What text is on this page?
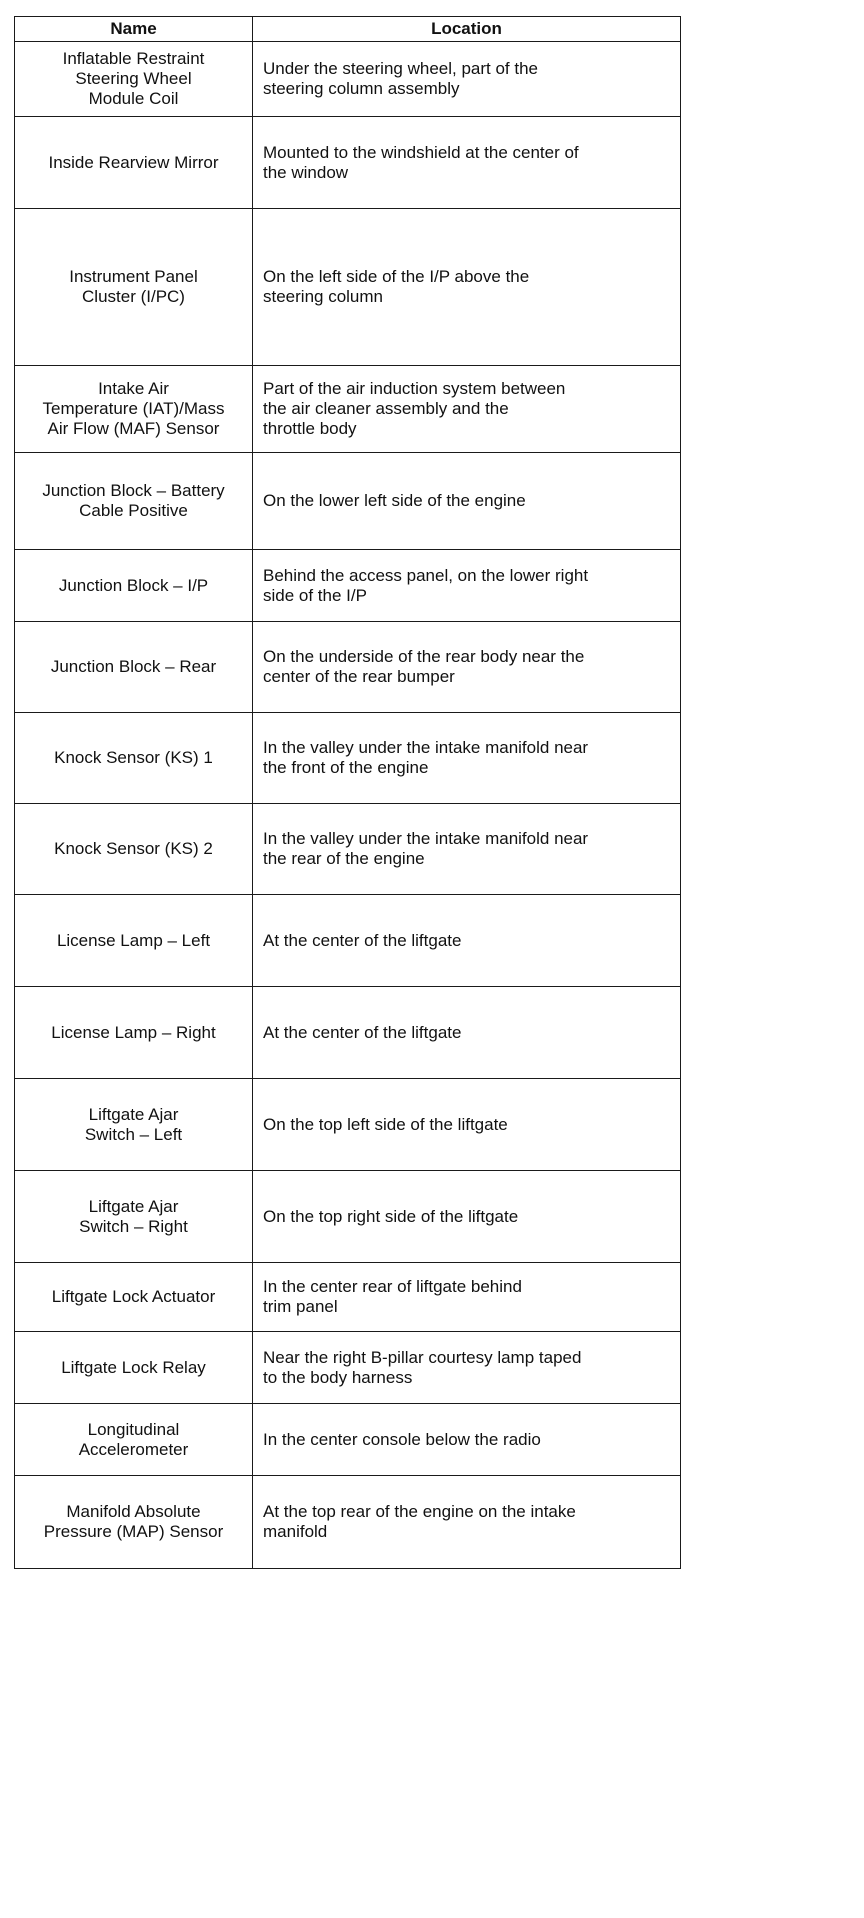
Name	Location
Inflatable Restraint
Steering Wheel
Module Coil	Under the steering wheel, part of the
steering column assembly
Inside Rearview Mirror	Mounted to the windshield at the center of
the window
Instrument Panel
Cluster (I/PC)	On the left side of the I/P above the
steering column
Intake Air
Temperature (IAT)/Mass
Air Flow (MAF) Sensor	Part of the air induction system between
the air cleaner assembly and the
throttle body
Junction Block – Battery
Cable Positive	On the lower left side of the engine
Junction Block – I/P	Behind the access panel, on the lower right
side of the I/P
Junction Block – Rear	On the underside of the rear body near the
center of the rear bumper
Knock Sensor (KS) 1	In the valley under the intake manifold near
the front of the engine
Knock Sensor (KS) 2	In the valley under the intake manifold near
the rear of the engine
License Lamp – Left	At the center of the liftgate
License Lamp – Right	At the center of the liftgate
Liftgate Ajar
Switch – Left	On the top left side of the liftgate
Liftgate Ajar
Switch – Right	On the top right side of the liftgate
Liftgate Lock Actuator	In the center rear of liftgate behind
trim panel
Liftgate Lock Relay	Near the right B-pillar courtesy lamp taped
to the body harness
Longitudinal
Accelerometer	In the center console below the radio
Manifold Absolute
Pressure (MAP) Sensor	At the top rear of the engine on the intake
manifold
